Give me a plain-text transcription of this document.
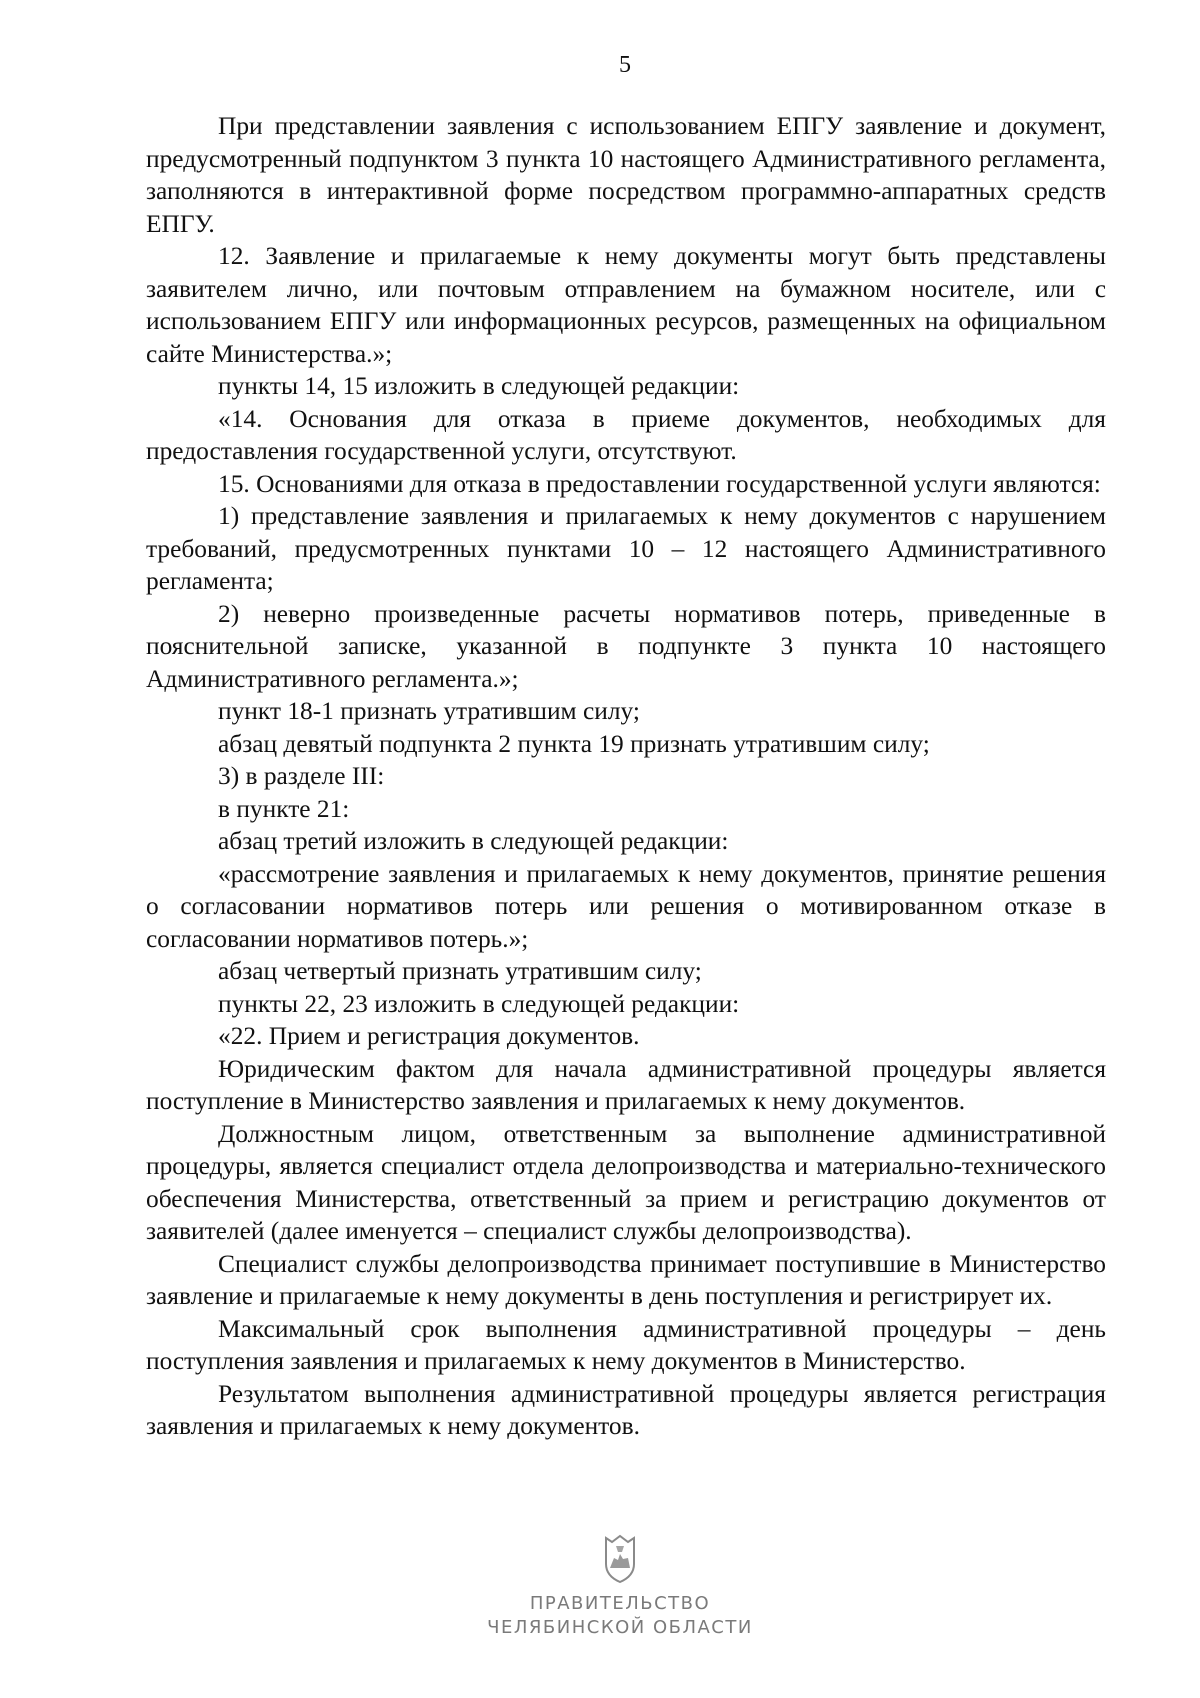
5

При представлении заявления с использованием ЕПГУ заявление и документ, предусмотренный подпунктом 3 пункта 10 настоящего Административного регламента, заполняются в интерактивной форме посредством программно-аппаратных средств ЕПГУ.

12. Заявление и прилагаемые к нему документы могут быть представлены заявителем лично, или почтовым отправлением на бумажном носителе, или с использованием ЕПГУ или информационных ресурсов, размещенных на официальном сайте Министерства.»;

пункты 14, 15 изложить в следующей редакции:

«14. Основания для отказа в приеме документов, необходимых для предоставления государственной услуги, отсутствуют.

15. Основаниями для отказа в предоставлении государственной услуги являются:

1) представление заявления и прилагаемых к нему документов с нарушением требований, предусмотренных пунктами 10 – 12 настоящего Административного регламента;

2) неверно произведенные расчеты нормативов потерь, приведенные в пояснительной записке, указанной в подпункте 3 пункта 10 настоящего Административного регламента.»;

пункт 18-1 признать утратившим силу;

абзац девятый подпункта 2 пункта 19 признать утратившим силу;

3) в разделе III:

в пункте 21:

абзац третий изложить в следующей редакции:

«рассмотрение заявления и прилагаемых к нему документов, принятие решения о согласовании нормативов потерь или решения о мотивированном отказе в согласовании нормативов потерь.»;

абзац четвертый признать утратившим силу;

пункты 22, 23 изложить в следующей редакции:

«22. Прием и регистрация документов.

Юридическим фактом для начала административной процедуры является поступление в Министерство заявления и прилагаемых к нему документов.

Должностным лицом, ответственным за выполнение административной процедуры, является специалист отдела делопроизводства и материально-технического обеспечения Министерства, ответственный за прием и регистрацию документов от заявителей (далее именуется – специалист службы делопроизводства).

Специалист службы делопроизводства принимает поступившие в Министерство заявление и прилагаемые к нему документы в день поступления и регистрирует их.

Максимальный срок выполнения административной процедуры – день поступления заявления и прилагаемых к нему документов в Министерство.

Результатом выполнения административной процедуры является регистрация заявления и прилагаемых к нему документов.

ПРАВИТЕЛЬСТВО
ЧЕЛЯБИНСКОЙ ОБЛАСТИ
